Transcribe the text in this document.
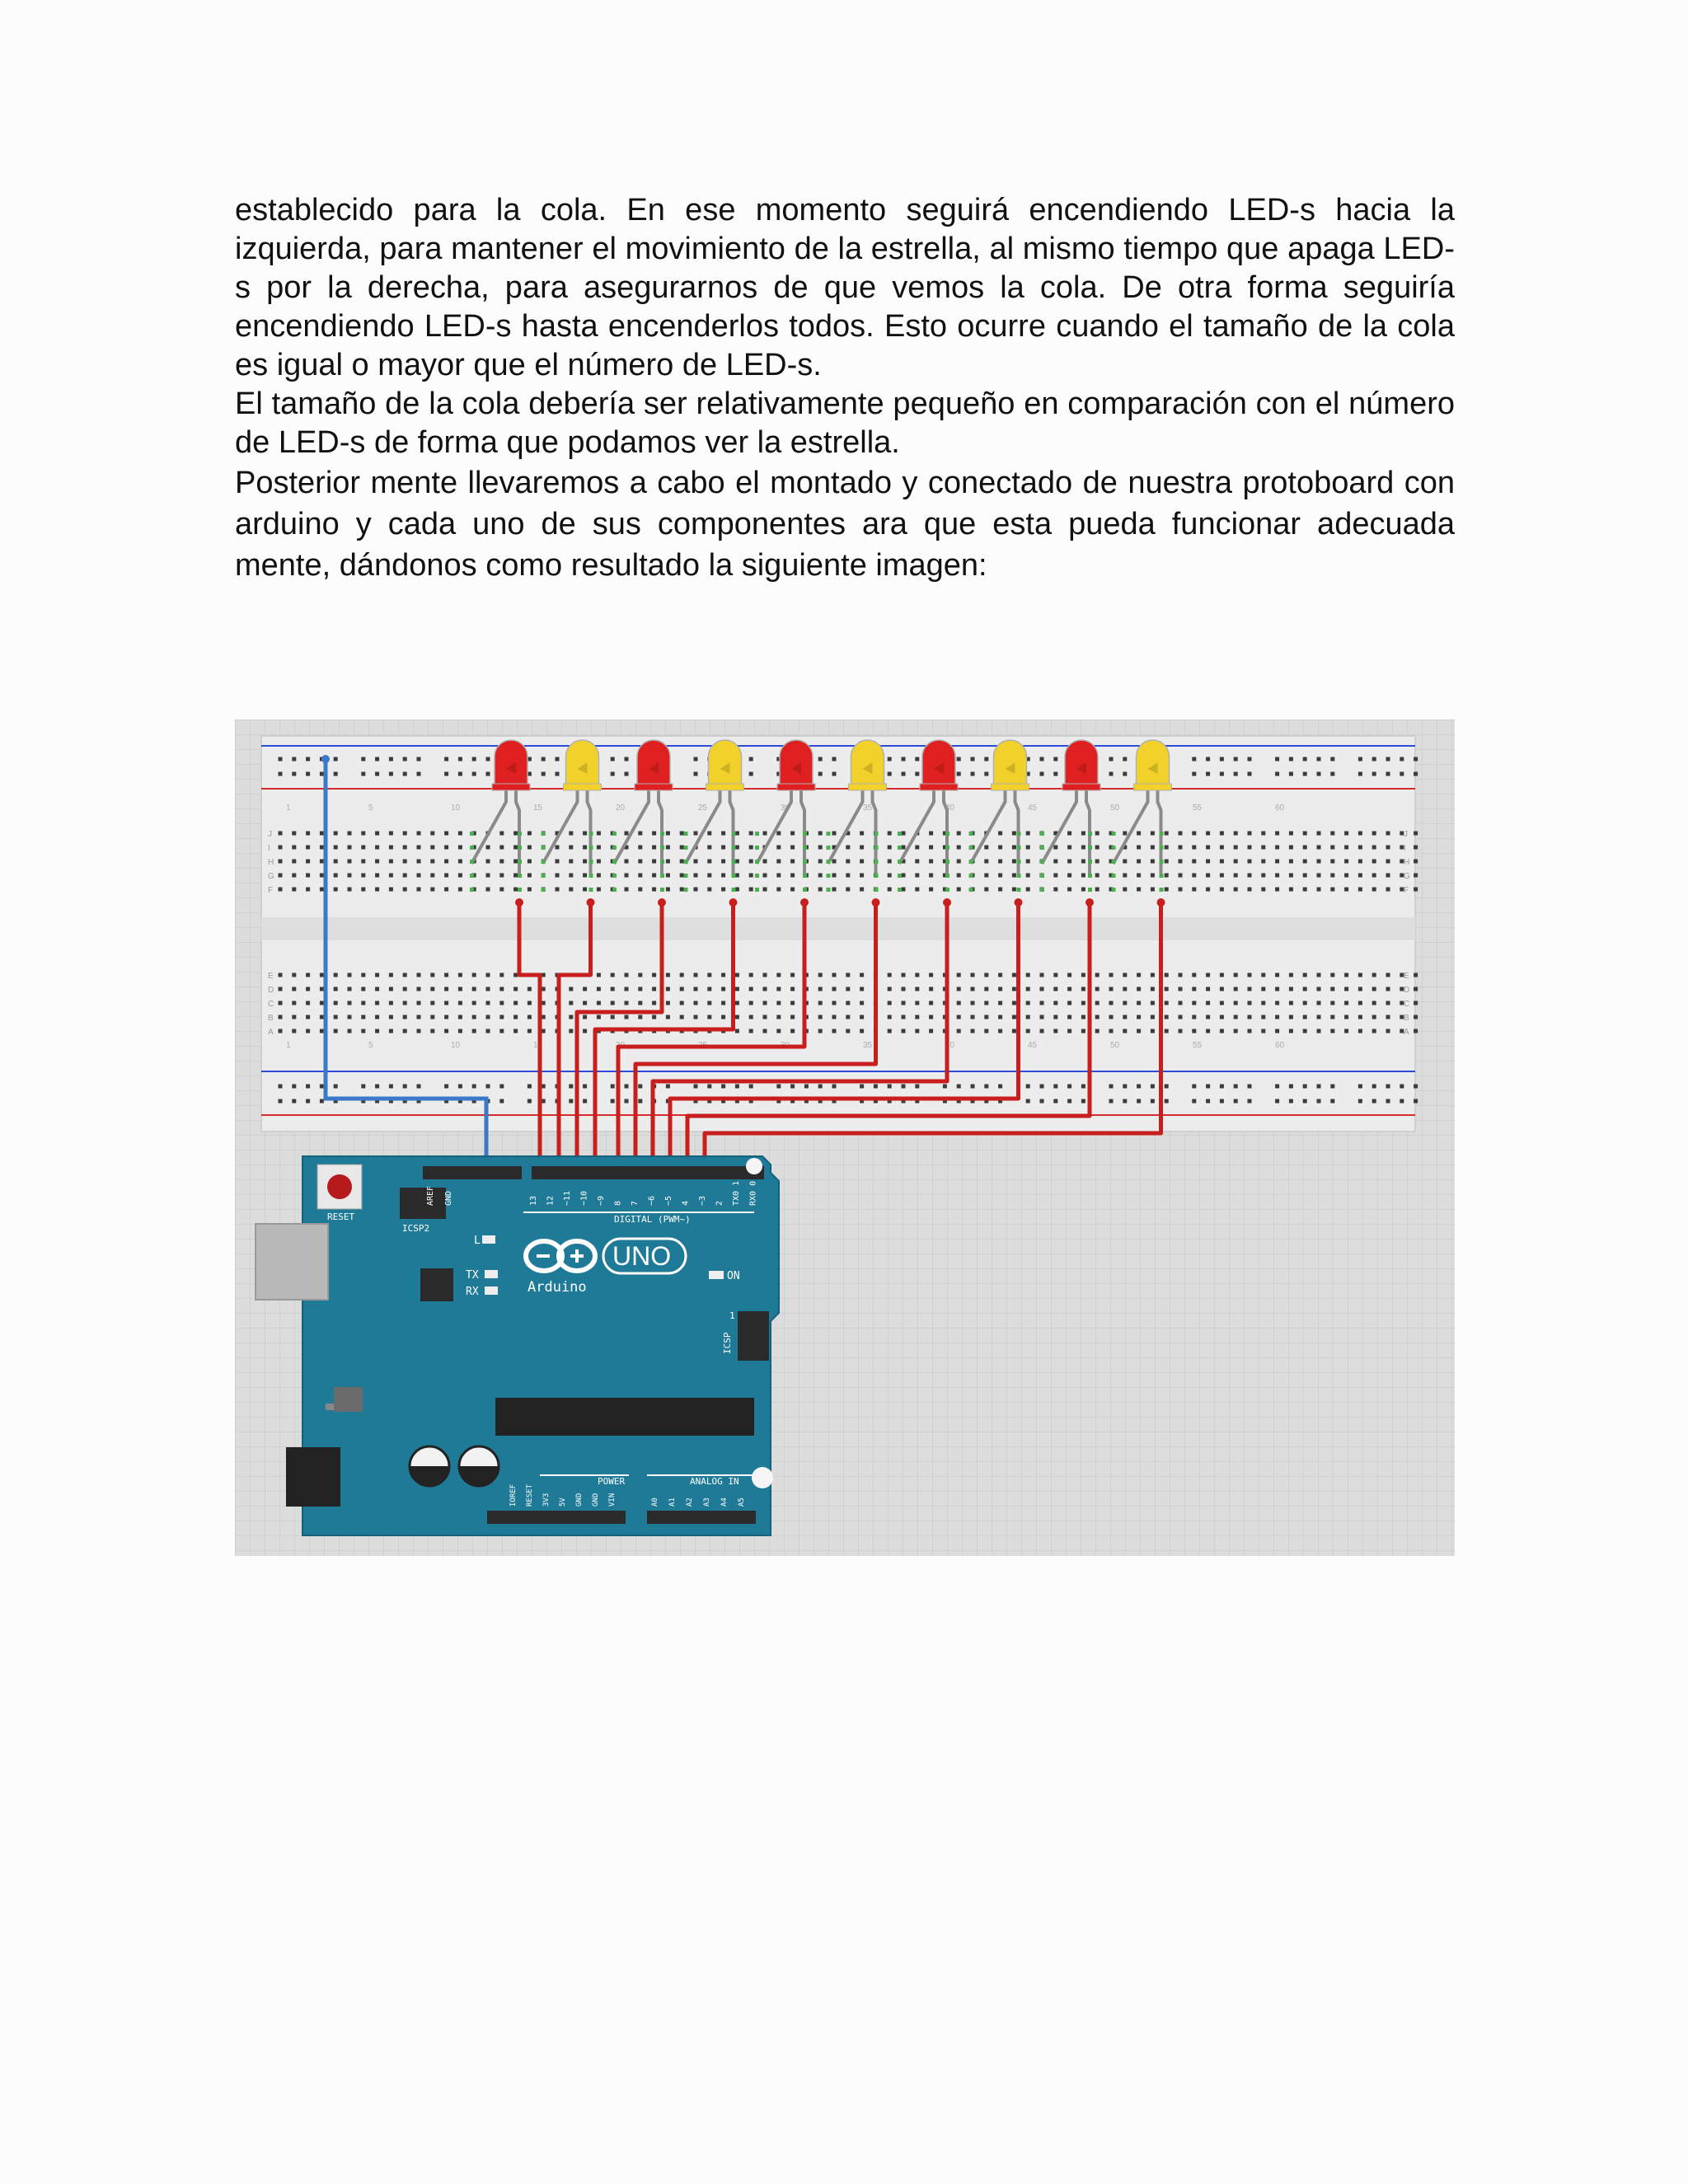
establecido para la cola. En ese momento seguirá encendiendo LED-s hacia la izquierda, para mantener el movimiento de la estrella, al mismo tiempo que apaga LED-s por la derecha, para asegurarnos de que vemos la cola. De otra forma seguiría encendiendo LED-s hasta encenderlos todos. Esto ocurre cuando el tamaño de la cola es igual o mayor que el número de LED-s.

El tamaño de la cola debería ser relativamente pequeño en comparación con el número de LED-s de forma que podamos ver la estrella.

Posterior mente llevaremos a cabo el montado y conectado de nuestra protoboard con arduino y cada uno de sus componentes ara que esta pueda funcionar adecuada mente, dándonos como resultado la siguiente imagen:

J	J
I	I
H	H
G	G
F	F
E	E
D	D
C	C
B	B
A	A
1
1
5
5
10
10
15
15
20
20
25
25
30
30
35
35
40
40
45
45
50
50
55
55
60
60
RESET
ICSP2
AREF GND	13 12 ~11 ~10 ~9 8 7 ~6 ~5 4 ~3 2 TX0 1 RX0 0
DIGITAL (PWM~)
L
TX
RX
UNO
Arduino
ON
1
ICSP
POWER	ANALOG IN
IOREF RESET 3V3 5V GND GND VIN	A0 A1 A2 A3 A4 A5
